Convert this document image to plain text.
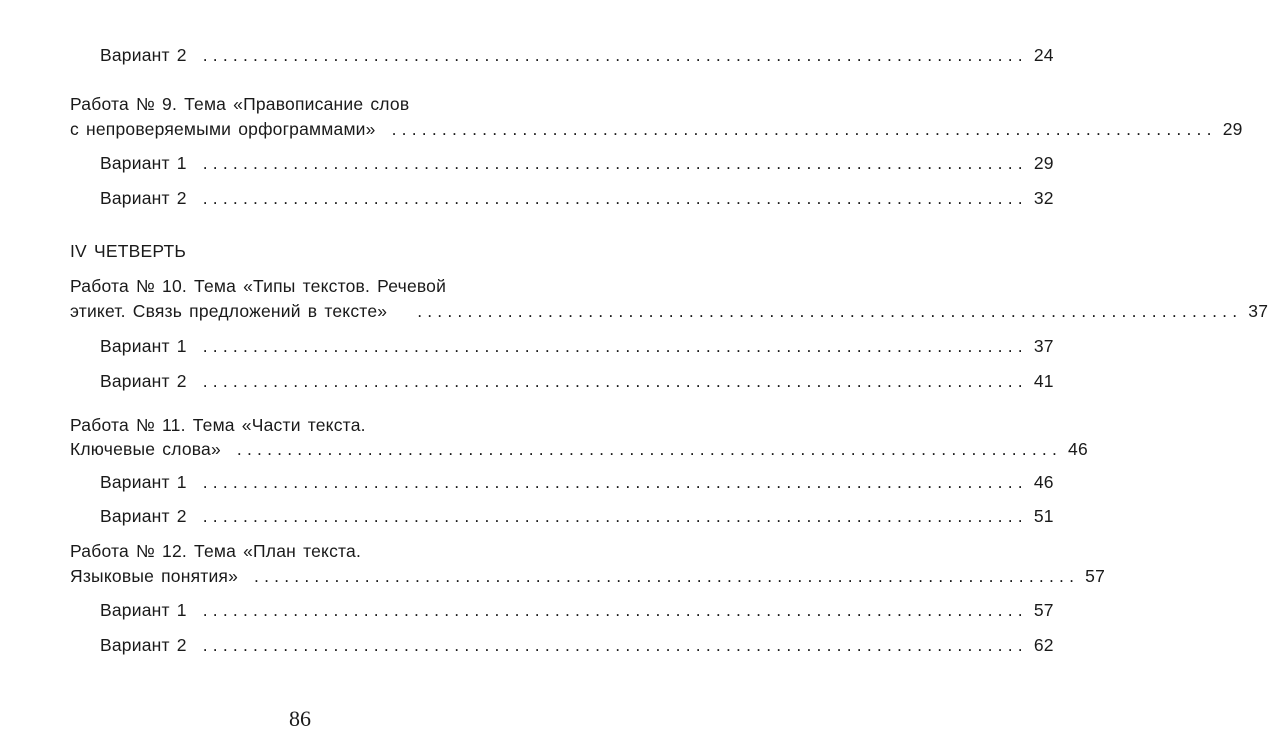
Вариант 2 .................................................................................. 24
Работа № 9. Тема «Правописание слов
с непроверяемыми орфограммами» .................................................................................. 29
Вариант 1 .................................................................................. 29
Вариант 2 .................................................................................. 32
IV ЧЕТВЕРТЬ
Работа № 10. Тема «Типы текстов. Речевой
этикет. Связь предложений в тексте» .................................................................................. 37
Вариант 1 .................................................................................. 37
Вариант 2 .................................................................................. 41
Работа № 11. Тема «Части текста.
Ключевые слова» .................................................................................. 46
Вариант 1 .................................................................................. 46
Вариант 2 .................................................................................. 51
Работа № 12. Тема «План текста.
Языковые понятия» .................................................................................. 57
Вариант 1 .................................................................................. 57
Вариант 2 .................................................................................. 62
86
